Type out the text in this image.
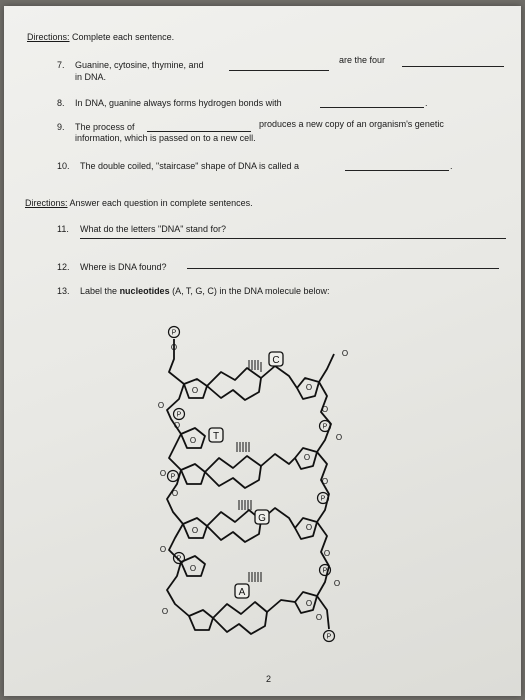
Directions: Complete each sentence.
7. Guanine, cytosine, thymine, and	are the four
in DNA.
8. In DNA, guanine always forms hydrogen bonds with	.
9. The process of	produces a new copy of an organism's genetic
information, which is passed on to a new cell.
10. The double coiled, "staircase" shape of DNA is called a	.
Directions: Answer each question in complete sentences.
11. What do the letters "DNA" stand for?
12. Where is DNA found?
13. Label the nucleotides (A, T, G, C) in the DNA molecule below:
C
T
G
A
P
P
P
P
P
P
P
P
O
O
O
O
O
O
O
O
O
O
O
O
O
O
O
O
O
O
O
O
O
O
2
